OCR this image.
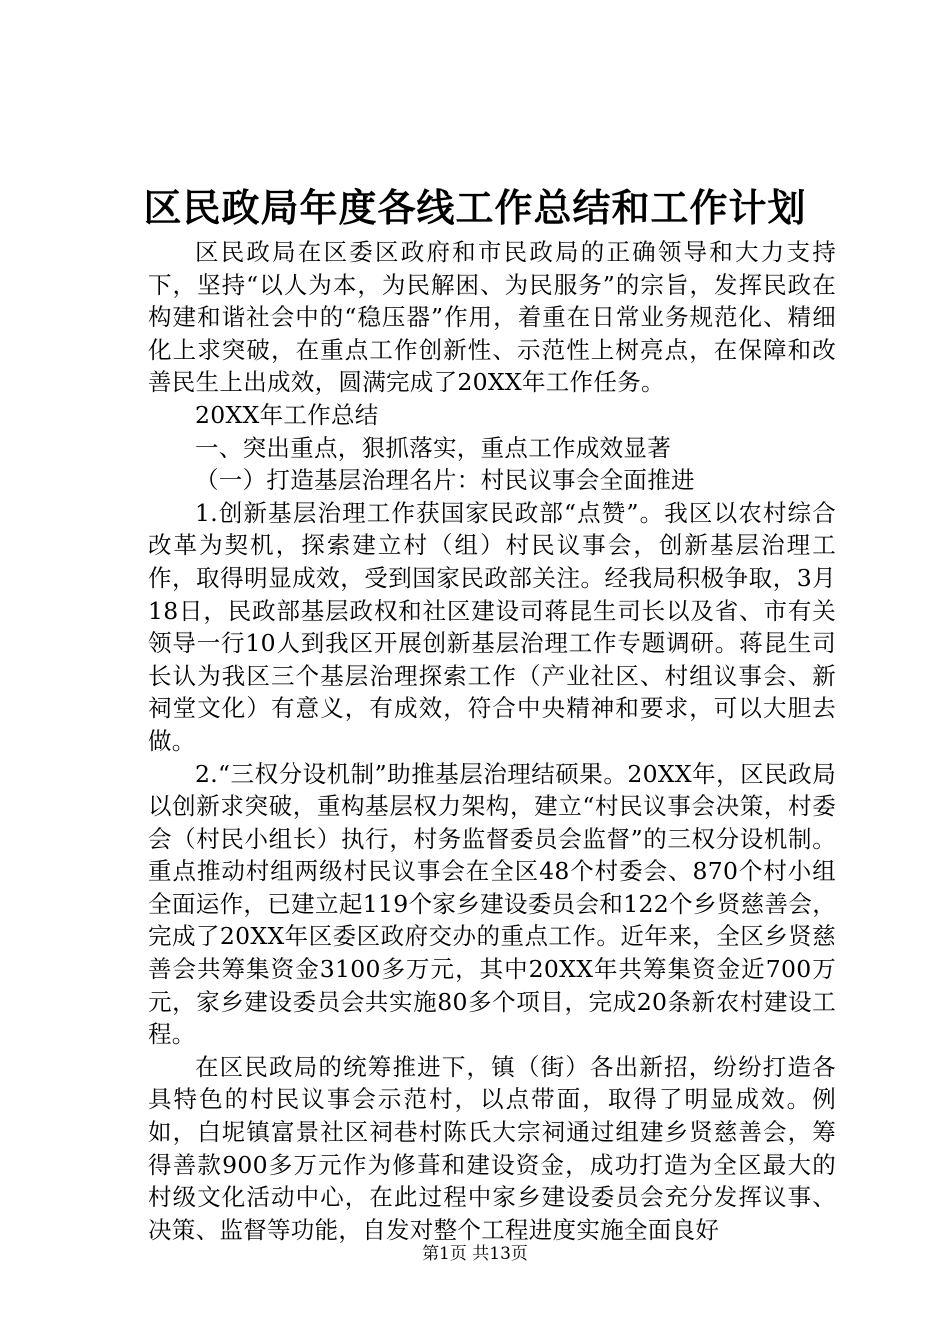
区民政局年度各线工作总结和工作计划

区民政局在区委区政府和市民政局的正确领导和大力支持下，坚持“以人为本，为民解困、为民服务”的宗旨，发挥民政在构建和谐社会中的“稳压器”作用，着重在日常业务规范化、精细化上求突破，在重点工作创新性、示范性上树亮点，在保障和改善民生上出成效，圆满完成了20XX年工作任务。

20XX年工作总结

一、突出重点，狠抓落实，重点工作成效显著

（一）打造基层治理名片：村民议事会全面推进

1.创新基层治理工作获国家民政部“点赞”。我区以农村综合改革为契机，探索建立村（组）村民议事会，创新基层治理工作，取得明显成效，受到国家民政部关注。经我局积极争取，3月18日，民政部基层政权和社区建设司蒋昆生司长以及省、市有关领导一行10人到我区开展创新基层治理工作专题调研。蒋昆生司长认为我区三个基层治理探索工作（产业社区、村组议事会、新祠堂文化）有意义，有成效，符合中央精神和要求，可以大胆去做。

2.“三权分设机制”助推基层治理结硕果。20XX年，区民政局以创新求突破，重构基层权力架构，建立“村民议事会决策，村委会（村民小组长）执行，村务监督委员会监督”的三权分设机制。重点推动村组两级村民议事会在全区48个村委会、870个村小组全面运作，已建立起119个家乡建设委员会和122个乡贤慈善会，完成了20XX年区委区政府交办的重点工作。近年来，全区乡贤慈善会共筹集资金3100多万元，其中20XX年共筹集资金近700万元，家乡建设委员会共实施80多个项目，完成20条新农村建设工程。

在区民政局的统筹推进下，镇（街）各出新招，纷纷打造各具特色的村民议事会示范村，以点带面，取得了明显成效。例如，白坭镇富景社区祠巷村陈氏大宗祠通过组建乡贤慈善会，筹得善款900多万元作为修葺和建设资金，成功打造为全区最大的村级文化活动中心，在此过程中家乡建设委员会充分发挥议事、决策、监督等功能，自发对整个工程进度实施全面良好

第1页 共13页
